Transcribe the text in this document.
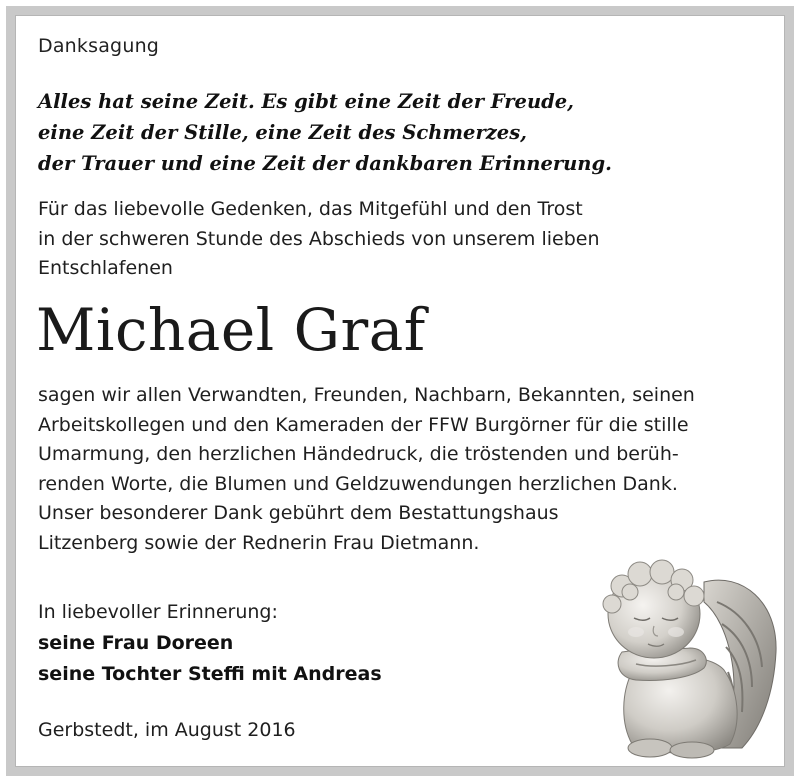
Danksagung
Alles hat seine Zeit. Es gibt eine Zeit der Freude,
eine Zeit der Stille, eine Zeit des Schmerzes,
der Trauer und eine Zeit der dankbaren Erinnerung.
Für das liebevolle Gedenken, das Mitgefühl und den Trost
in der schweren Stunde des Abschieds von unserem lieben
Entschlafenen
Michael Graf
sagen wir allen Verwandten, Freunden, Nachbarn, Bekannten, seinen
Arbeitskollegen und den Kameraden der FFW Burgörner für die stille
Umarmung, den herzlichen Händedruck, die tröstenden und berüh-
renden Worte, die Blumen und Geldzuwendungen herzlichen Dank.
Unser besonderer Dank gebührt dem Bestattungshaus
Litzenberg sowie der Rednerin Frau Dietmann.
In liebevoller Erinnerung:
seine Frau Doreen
seine Tochter Steffi mit Andreas
Gerbstedt, im August 2016
